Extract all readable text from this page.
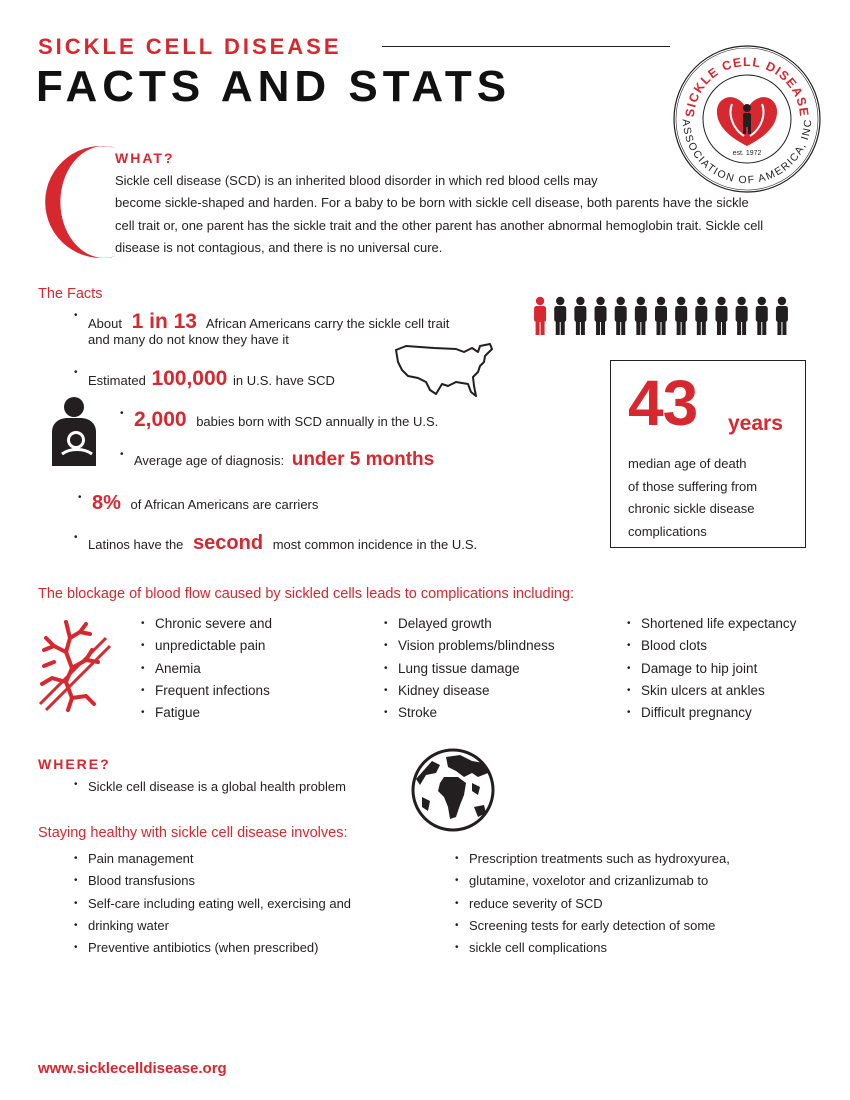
SICKLE CELL DISEASE
FACTS AND STATS
SICKLE CELL DISEASE
ASSOCIATION OF AMERICA, INC
est. 1972
WHAT?
Sickle cell disease (SCD) is an inherited blood disorder in which red blood cells may
become sickle-shaped and harden. For a baby to be born with sickle cell disease, both parents have the sickle
cell trait or, one parent has the sickle trait and the other parent has another abnormal hemoglobin trait. Sickle cell
disease is not contagious, and there is no universal cure.
The Facts
• About 1 in 13 African Americans carry the sickle cell trait
and many do not know they have it
• Estimated 100,000 in U.S. have SCD
• 2,000 babies born with SCD annually in the U.S.
• Average age of diagnosis: under 5 months
• 8% of African Americans are carriers
• Latinos have the second most common incidence in the U.S.
43 years
median age of death
of those suffering from
chronic sickle disease
complications
The blockage of blood flow caused by sickled cells leads to complications including:
• Chronic severe and
• unpredictable pain
• Anemia
• Frequent infections
• Fatigue
• Delayed growth
• Vision problems/blindness
• Lung tissue damage
• Kidney disease
• Stroke
• Shortened life expectancy
• Blood clots
• Damage to hip joint
• Skin ulcers at ankles
• Difficult pregnancy
WHERE?
• Sickle cell disease is a global health problem
Staying healthy with sickle cell disease involves:
• Pain management
• Blood transfusions
• Self-care including eating well, exercising and
• drinking water
• Preventive antibiotics (when prescribed)
• Prescription treatments such as hydroxyurea,
• glutamine, voxelotor and crizanlizumab to
• reduce severity of SCD
• Screening tests for early detection of some
• sickle cell complications
www.sicklecelldisease.org
